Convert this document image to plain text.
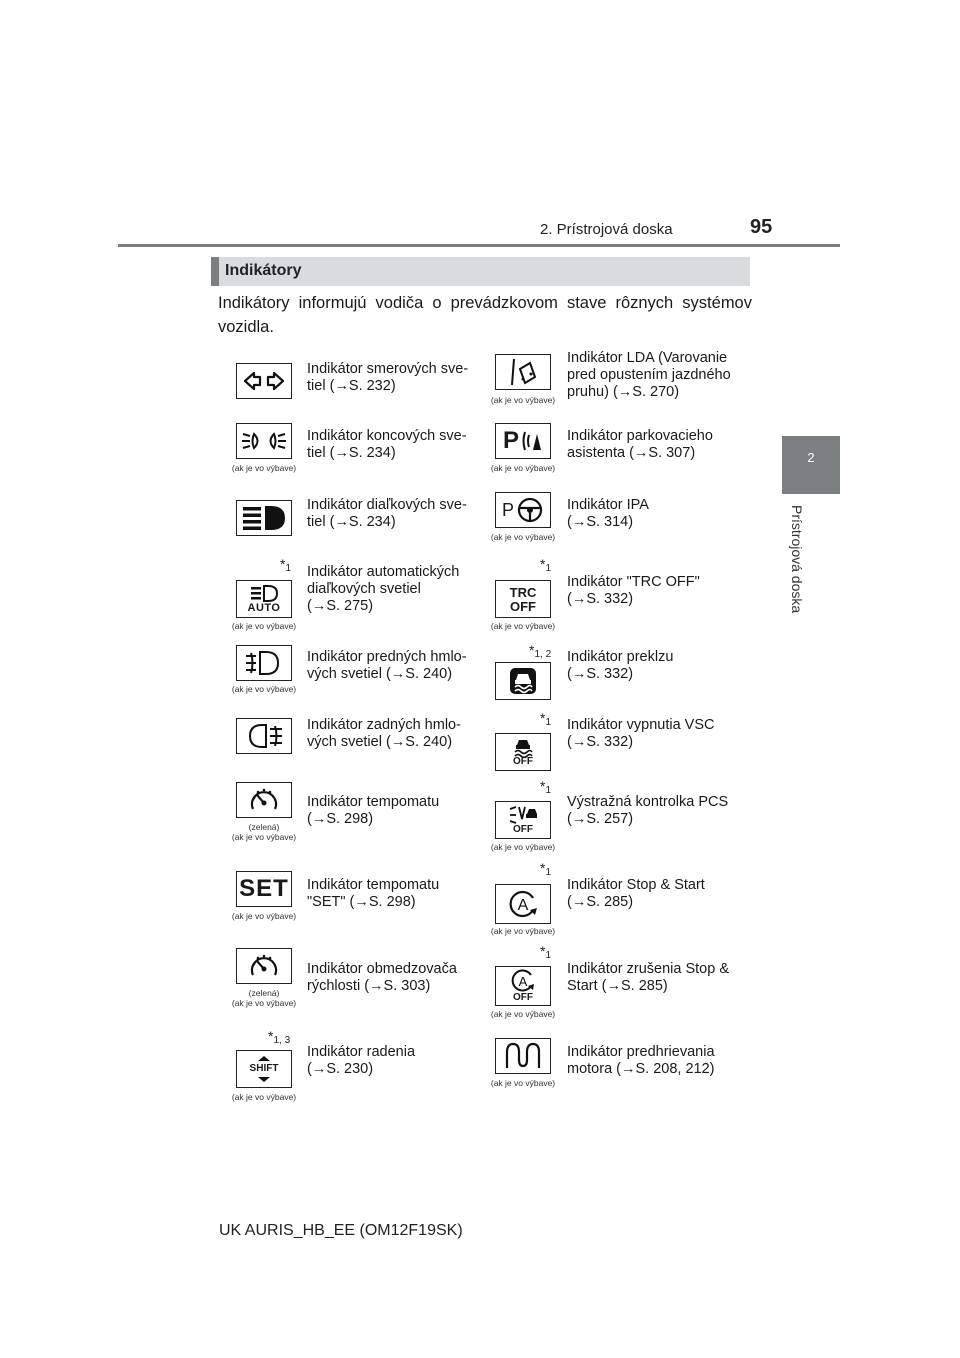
2. Prístrojová doska	95
2
Prístrojová doska
Indikátory
Indikátory informujú vodiča o prevádzkovom stave rôznych systémov vozidla.
Indikátor smerových sve-
tiel (→S. 232)
(ak je vo výbave)
Indikátor koncových sve-
tiel (→S. 234)
Indikátor diaľkových sve-
tiel (→S. 234)
$*_1$
AUTO
(ak je vo výbave)
Indikátor automatických
diaľkových svetiel
(→S. 275)
(ak je vo výbave)
Indikátor predných hmlo-
vých svetiel (→S. 240)
Indikátor zadných hmlo-
vých svetiel (→S. 240)
(zelená)
(ak je vo výbave)
Indikátor tempomatu
(→S. 298)
SET
(ak je vo výbave)
Indikátor tempomatu
"SET" (→S. 298)
(zelená)
(ak je vo výbave)
Indikátor obmedzovača
rýchlosti (→S. 303)
$*_{1, 3}$
SHIFT
(ak je vo výbave)
Indikátor radenia
(→S. 230)
(ak je vo výbave)
Indikátor LDA (Varovanie
pred opustením jazdného
pruhu) (→S. 270)
P
(ak je vo výbave)
Indikátor parkovacieho
asistenta (→S. 307)
P
(ak je vo výbave)
Indikátor IPA
(→S. 314)
$*_1$
TRC
OFF
(ak je vo výbave)
Indikátor "TRC OFF"
(→S. 332)
$*_{1, 2}$ Indikátor preklzu
(→S. 332)
$*_1$
OFF
Indikátor vypnutia VSC
(→S. 332)
$*_1$
OFF
(ak je vo výbave)
Výstražná kontrolka PCS
(→S. 257)
$*_1$
A
(ak je vo výbave)
Indikátor Stop & Start
(→S. 285)
$*_1$
A
OFF
(ak je vo výbave)
Indikátor zrušenia Stop &
Start (→S. 285)
(ak je vo výbave)
Indikátor predhrievania
motora (→S. 208, 212)
UK AURIS_HB_EE (OM12F19SK)
